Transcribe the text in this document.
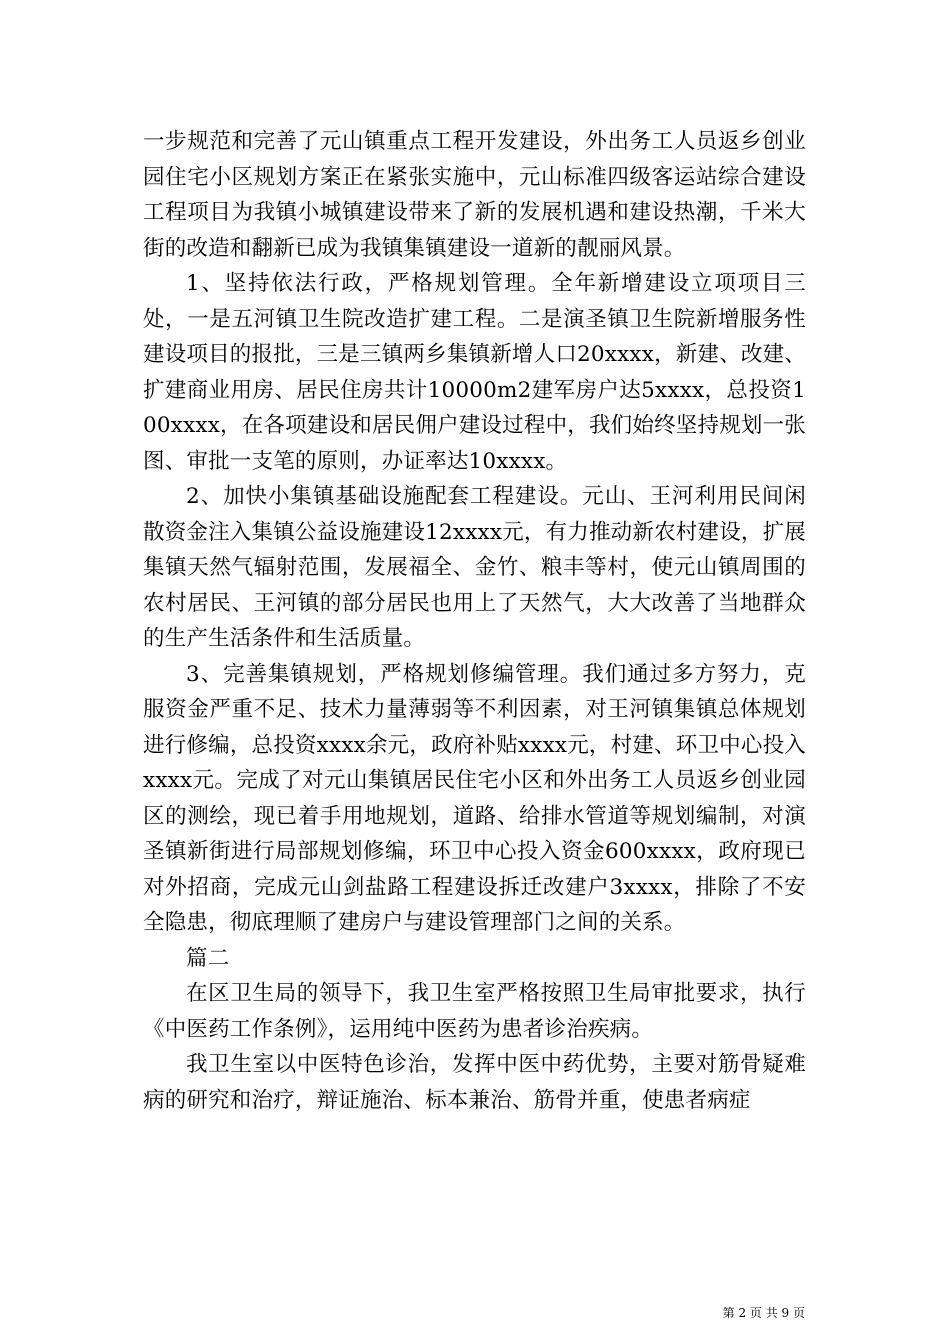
一步规范和完善了元山镇重点工程开发建设，外出务工人员返乡创业园住宅小区规划方案正在紧张实施中，元山标准四级客运站综合建设工程项目为我镇小城镇建设带来了新的发展机遇和建设热潮，千米大街的改造和翻新已成为我镇集镇建设一道新的靓丽风景。

1、坚持依法行政，严格规划管理。全年新增建设立项项目三处，一是五河镇卫生院改造扩建工程。二是演圣镇卫生院新增服务性建设项目的报批，三是三镇两乡集镇新增人口20xxxx，新建、改建、扩建商业用房、居民住房共计10000m2建军房户达5xxxx，总投资100xxxx，在各项建设和居民佣户建设过程中，我们始终坚持规划一张图、审批一支笔的原则，办证率达10xxxx。

2、加快小集镇基础设施配套工程建设。元山、王河利用民间闲散资金注入集镇公益设施建设12xxxx元，有力推动新农村建设，扩展集镇天然气辐射范围，发展福全、金竹、粮丰等村，使元山镇周围的农村居民、王河镇的部分居民也用上了天然气，大大改善了当地群众的生产生活条件和生活质量。

3、完善集镇规划，严格规划修编管理。我们通过多方努力，克服资金严重不足、技术力量薄弱等不利因素，对王河镇集镇总体规划进行修编，总投资xxxx余元，政府补贴xxxx元，村建、环卫中心投入xxxx元。完成了对元山集镇居民住宅小区和外出务工人员返乡创业园区的测绘，现已着手用地规划，道路、给排水管道等规划编制，对演圣镇新街进行局部规划修编，环卫中心投入资金600xxxx，政府现已对外招商，完成元山剑盐路工程建设拆迁改建户3xxxx，排除了不安全隐患，彻底理顺了建房户与建设管理部门之间的关系。

篇二

在区卫生局的领导下，我卫生室严格按照卫生局审批要求，执行《中医药工作条例》，运用纯中医药为患者诊治疾病。

我卫生室以中医特色诊治，发挥中医中药优势，主要对筋骨疑难病的研究和治疗，辩证施治、标本兼治、筋骨并重，使患者病症

第 2 页 共 9 页
